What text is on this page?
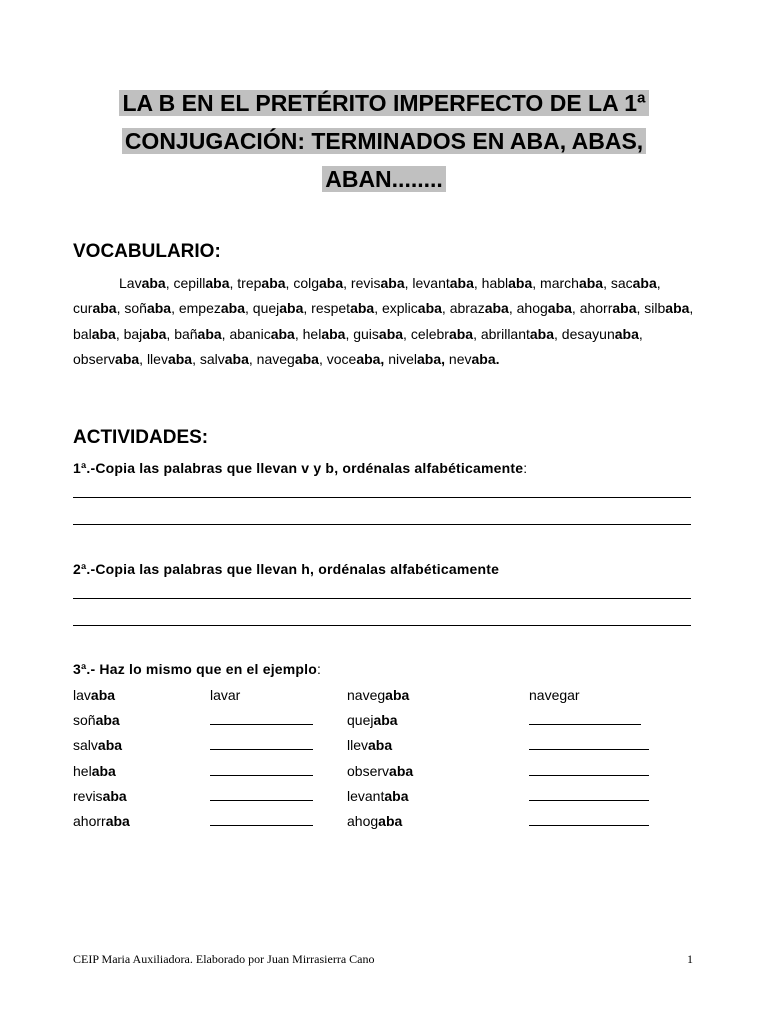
LA B EN EL PRETÉRITO IMPERFECTO DE LA 1ª
CONJUGACIÓN: TERMINADOS EN ABA, ABAS,
ABAN........
VOCABULARIO:

Lavaba, cepillaba, trepaba, colgaba, revisaba, levantaba, hablaba, marchaba, sacaba, curaba, soñaba, empezaba, quejaba, respetaba, explicaba, abrazaba, ahogaba, ahorraba, silbaba, balaba, bajaba, bañaba, abanicaba, helaba, guisaba, celebraba, abrillantaba, desayunaba, observaba, llevaba, salvaba, navegaba, voceaba, nivelaba, nevaba.

ACTIVIDADES:

1ª.-Copia las palabras que llevan v y b, ordénalas alfabéticamente:

2ª.-Copia las palabras que llevan h, ordénalas alfabéticamente

3ª.- Haz lo mismo que en el ejemplo:

lavaba	lavar	navegaba	navegar
soñaba	quejaba
salvaba	llevaba
helaba	observaba
revisaba	levantaba
ahorraba	ahogaba
CEIP Maria Auxiliadora. Elaborado por Juan Mirrasierra Cano	1
